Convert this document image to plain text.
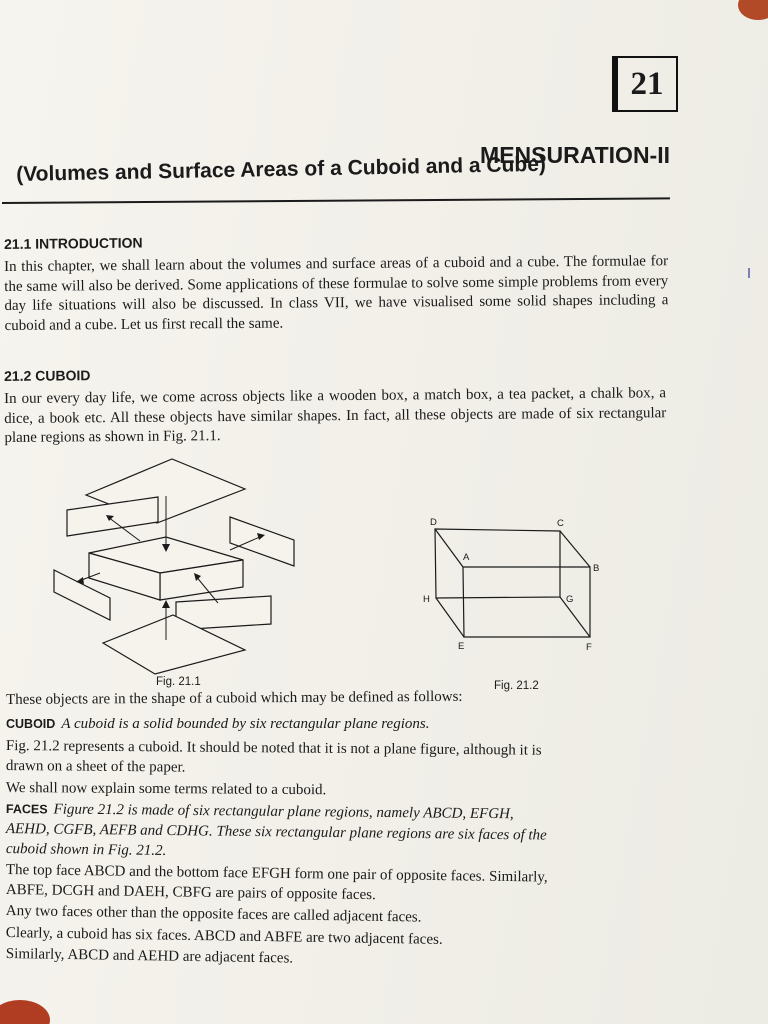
21
MENSURATION-II
(Volumes and Surface Areas of a Cuboid and a Cube)
21.1 INTRODUCTION

In this chapter, we shall learn about the volumes and surface areas of a cuboid and a cube. The formulae for the same will also be derived. Some applications of these formulae to solve some simple problems from every day life situations will also be discussed. In class VII, we have visualised some solid shapes including a cuboid and a cube. Let us first recall the same.

21.2 CUBOID

In our every day life, we come across objects like a wooden box, a match box, a tea packet, a chalk box, a dice, a book etc. All these objects have similar shapes. In fact, all these objects are made of six rectangular plane regions as shown in Fig. 21.1.

Fig. 21.1
D	C
A
B
H	G
E	F
Fig. 21.2
These objects are in the shape of a cuboid which may be defined as follows:
CUBOID A cuboid is a solid bounded by six rectangular plane regions.
Fig. 21.2 represents a cuboid. It should be noted that it is not a plane figure, although it is
drawn on a sheet of the paper.
We shall now explain some terms related to a cuboid.
FACES Figure 21.2 is made of six rectangular plane regions, namely ABCD, EFGH,
AEHD, CGFB, AEFB and CDHG. These six rectangular plane regions are six faces of the
cuboid shown in Fig. 21.2.
The top face ABCD and the bottom face EFGH form one pair of opposite faces. Similarly,
ABFE, DCGH and DAEH, CBFG are pairs of opposite faces.
Any two faces other than the opposite faces are called adjacent faces.
Clearly, a cuboid has six faces. ABCD and ABFE are two adjacent faces.
Similarly, ABCD and AEHD are adjacent faces.
